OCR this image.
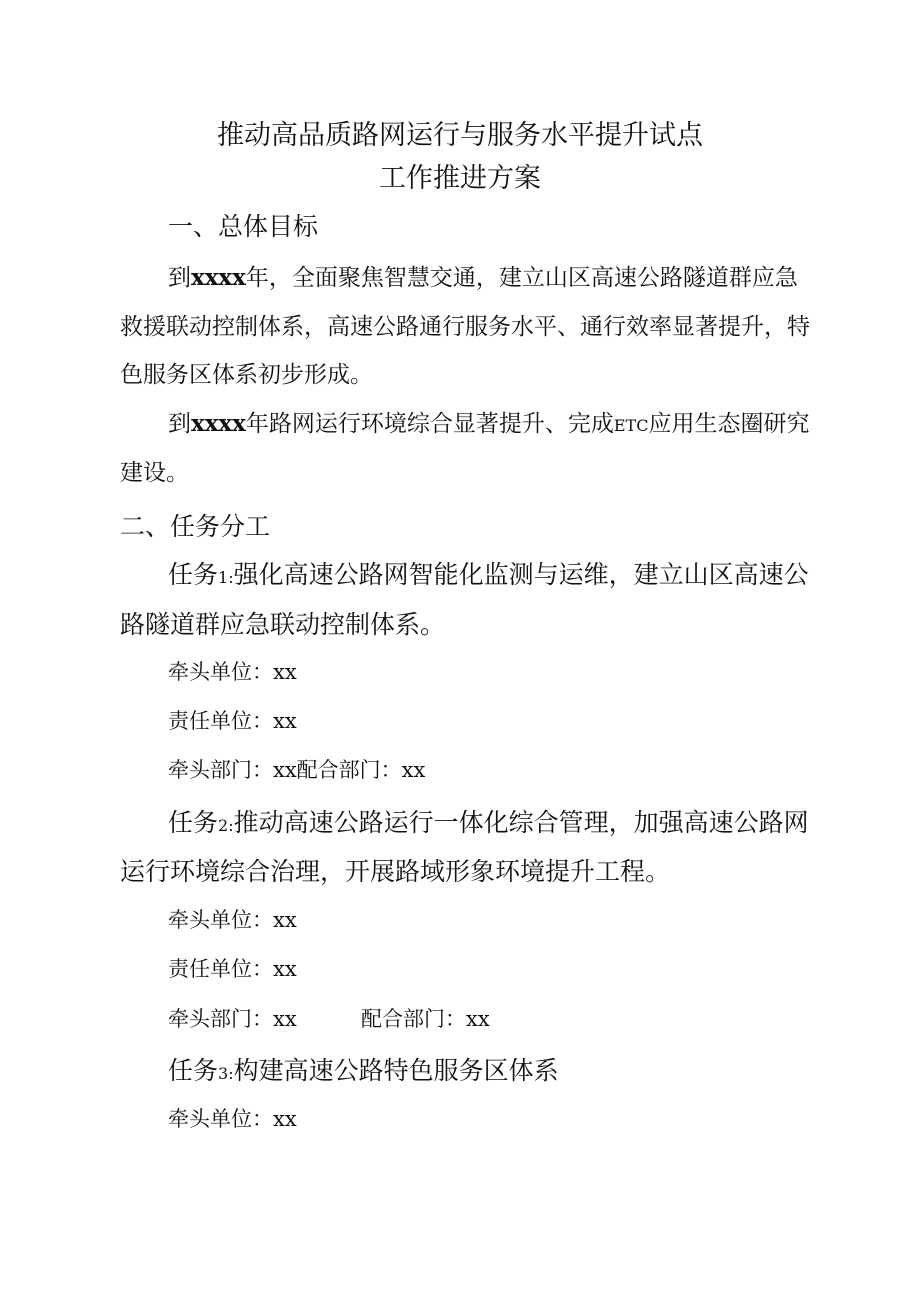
推动高品质路网运行与服务水平提升试点
工作推进方案
一、总体目标
到xxxx年，全面聚焦智慧交通，建立山区高速公路隧道群应急
救援联动控制体系，高速公路通行服务水平、通行效率显著提升，特
色服务区体系初步形成。
到xxxx年路网运行环境综合显著提升、完成ETC应用生态圈研究
建设。
二、任务分工
任务1:强化高速公路网智能化监测与运维，建立山区高速公
路隧道群应急联动控制体系。
牵头单位：xx
责任单位：xx
牵头部门：xx配合部门：xx
任务2:推动高速公路运行一体化综合管理，加强高速公路网
运行环境综合治理，开展路域形象环境提升工程。
牵头单位：xx
责任单位：xx
牵头部门：xx	配合部门：xx
任务3:构建高速公路特色服务区体系
牵头单位：xx
